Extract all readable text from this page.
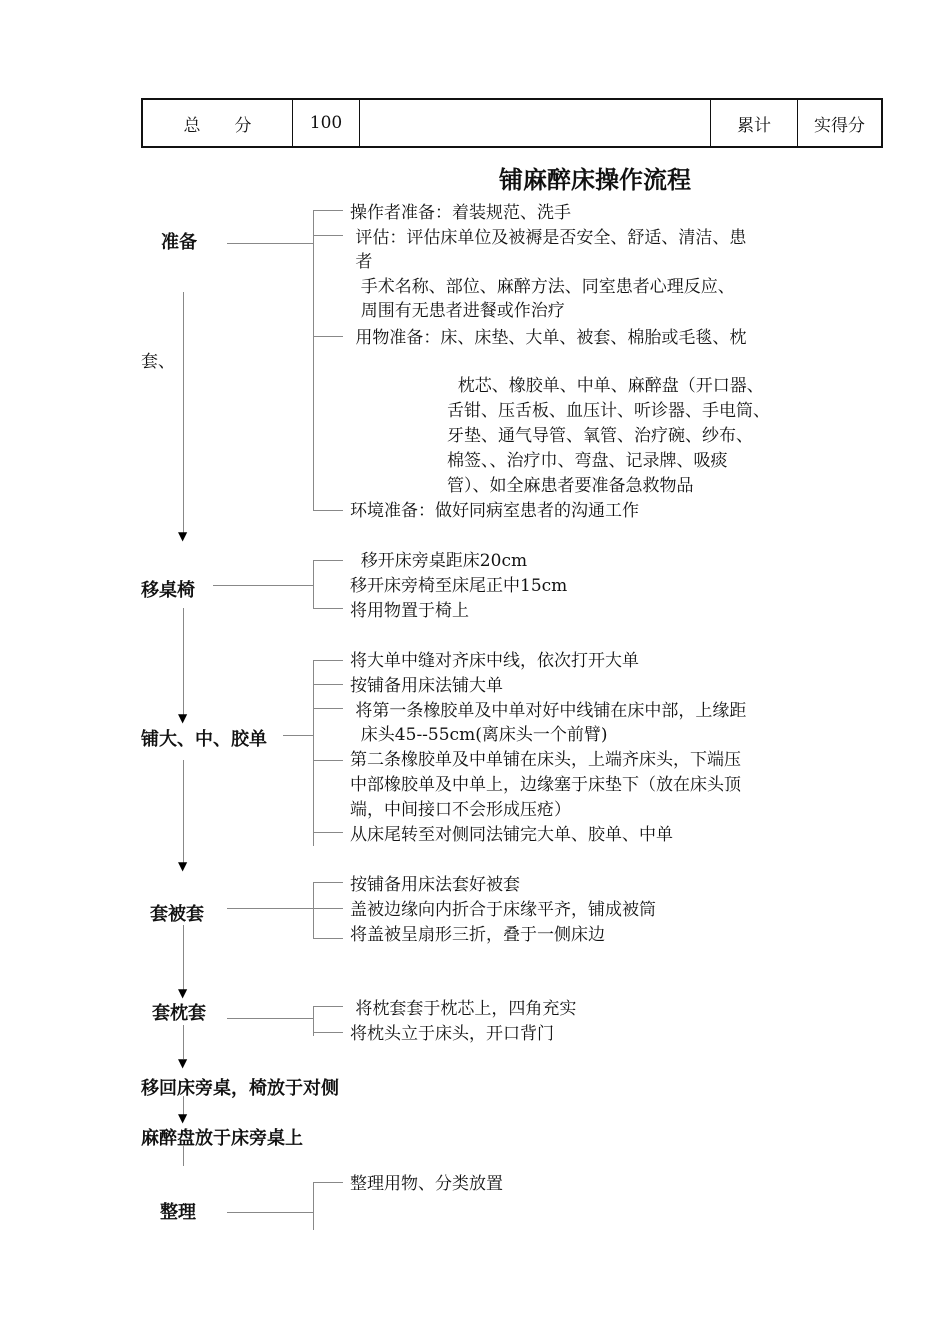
总　　分	100		累计	实得分
铺麻醉床操作流程
▼
▼
▼
▼
▼
▼
准备
套、
移桌椅
铺大、中、胶单
套被套
套枕套
移回床旁桌，椅放于对侧
麻醉盘放于床旁桌上
整理
操作者准备：着装规范、洗手
评估：评估床单位及被褥是否安全、舒适、清洁、患
者
手术名称、部位、麻醉方法、同室患者心理反应、
周围有无患者进餐或作治疗
用物准备：床、床垫、大单、被套、棉胎或毛毯、枕
枕芯、橡胶单、中单、麻醉盘（开口器、
舌钳、压舌板、血压计、听诊器、手电筒、
牙垫、通气导管、氧管、治疗碗、纱布、
棉签、、治疗巾、弯盘、记录牌、吸痰
管）、如全麻患者要准备急救物品
环境准备：做好同病室患者的沟通工作
移开床旁桌距床20cm
移开床旁椅至床尾正中15cm
将用物置于椅上
将大单中缝对齐床中线，依次打开大单
按铺备用床法铺大单
将第一条橡胶单及中单对好中线铺在床中部，上缘距
床头45--55cm(离床头一个前臂)
第二条橡胶单及中单铺在床头，上端齐床头，下端压
中部橡胶单及中单上，边缘塞于床垫下（放在床头顶
端，中间接口不会形成压疮）
从床尾转至对侧同法铺完大单、胶单、中单
按铺备用床法套好被套
盖被边缘向内折合于床缘平齐，铺成被筒
将盖被呈扇形三折，叠于一侧床边
将枕套套于枕芯上，四角充实
将枕头立于床头，开口背门
整理用物、分类放置
